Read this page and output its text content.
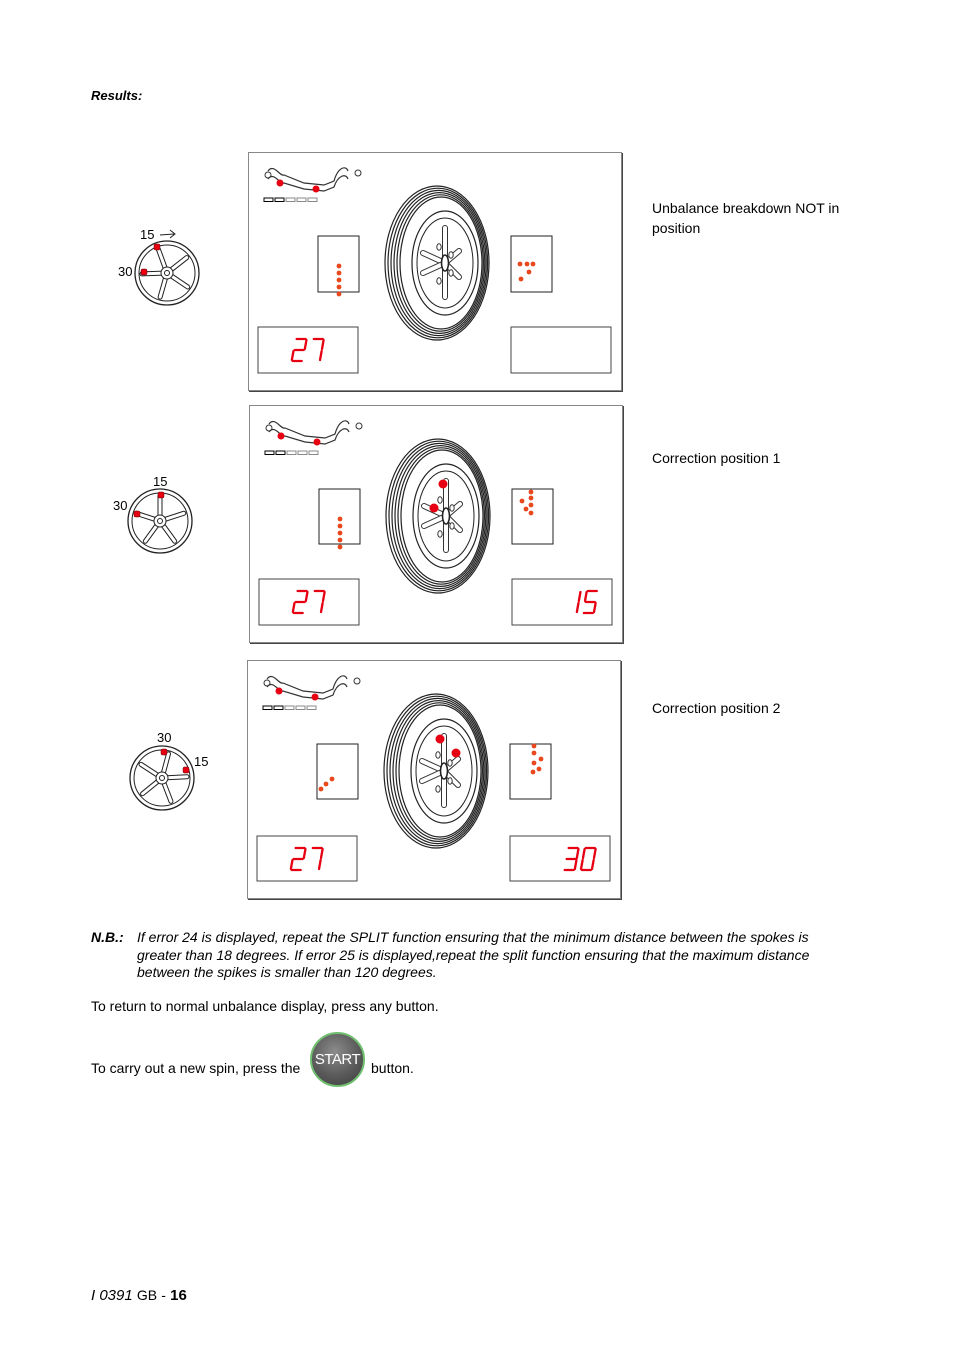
Results:
Unbalance breakdown NOT in position
15
30
Correction position 1
15
30
Correction position 2
30
15
N.B.: If error 24 is displayed, repeat the SPLIT function ensuring that the minimum distance between the spokes is greater than 18 degrees. If error 25 is displayed,repeat the split function ensuring that the maximum distance between the spikes is smaller than 120 degrees.
To return to normal unbalance display, press any button.
To carry out a new spin, press the START button.
I 0391 GB - 16
